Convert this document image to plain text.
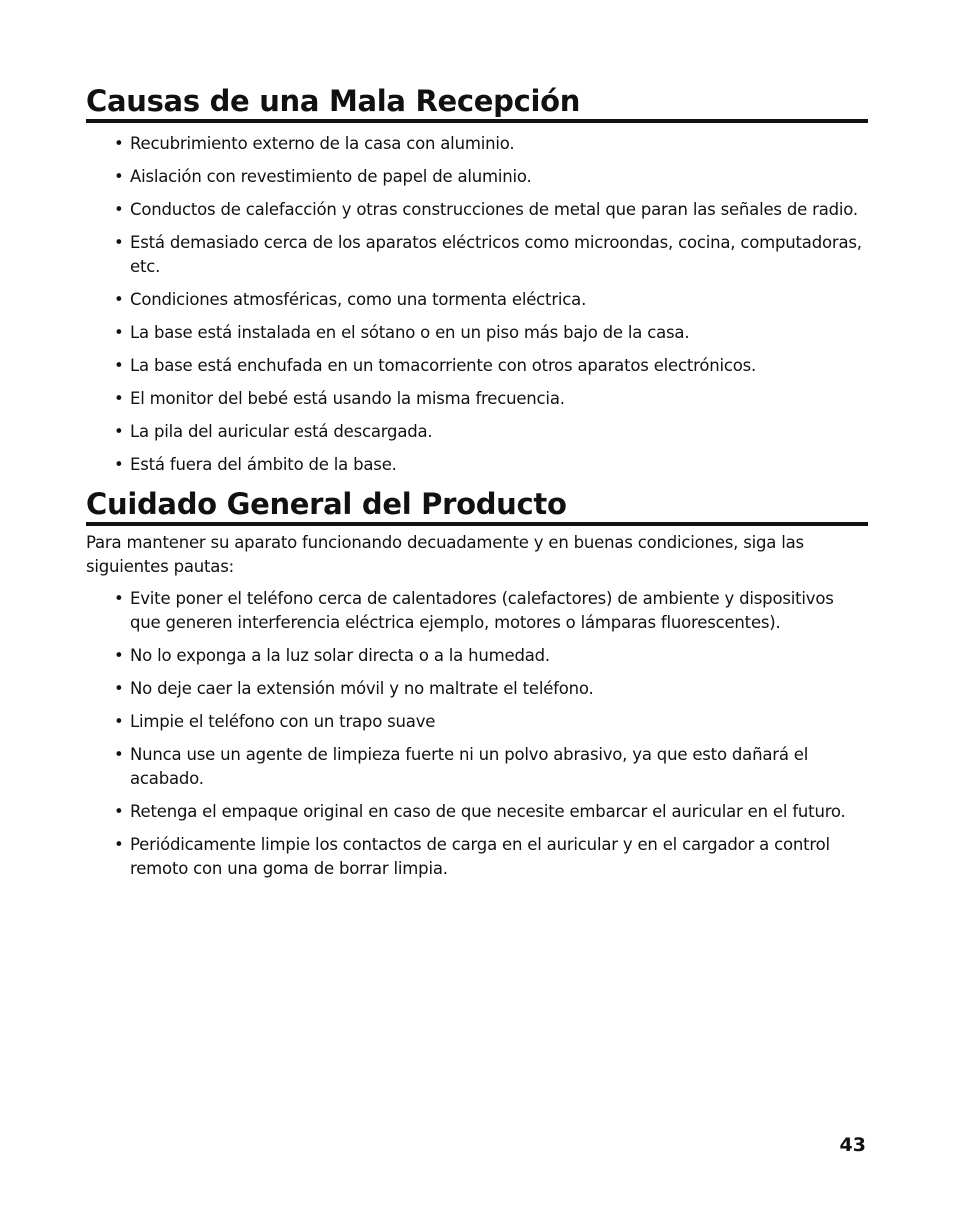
Causas de una Mala Recepción
• Recubrimiento externo de la casa con aluminio.
• Aislación con revestimiento de papel de aluminio.
• Conductos de calefacción y otras construcciones de metal que paran las señales de radio.
• Está demasiado cerca de los aparatos eléctricos como microondas, cocina, computadoras, etc.
• Condiciones atmosféricas, como una tormenta eléctrica.
• La base está instalada en el sótano o en un piso más bajo de la casa.
• La base está enchufada en un tomacorriente con otros aparatos electrónicos.
• El monitor del bebé está usando la misma frecuencia.
• La pila del auricular está descargada.
• Está fuera del ámbito de la base.
Cuidado General del Producto

Para mantener su aparato funcionando decuadamente y en buenas condiciones, siga las siguientes pautas:

• Evite poner el teléfono cerca de calentadores (calefactores) de ambiente y dispositivos que generen interferencia eléctrica ejemplo, motores o lámparas fluorescentes).
• No lo exponga a la luz solar directa o a la humedad.
• No deje caer la extensión móvil y no maltrate el teléfono.
• Limpie el teléfono con un trapo suave
• Nunca use un agente de limpieza fuerte ni un polvo abrasivo, ya que esto dañará el acabado.
• Retenga el empaque original en caso de que necesite embarcar el auricular en el futuro.
• Periódicamente limpie los contactos de carga en el auricular y en el cargador a control remoto con una goma de borrar limpia.
43
